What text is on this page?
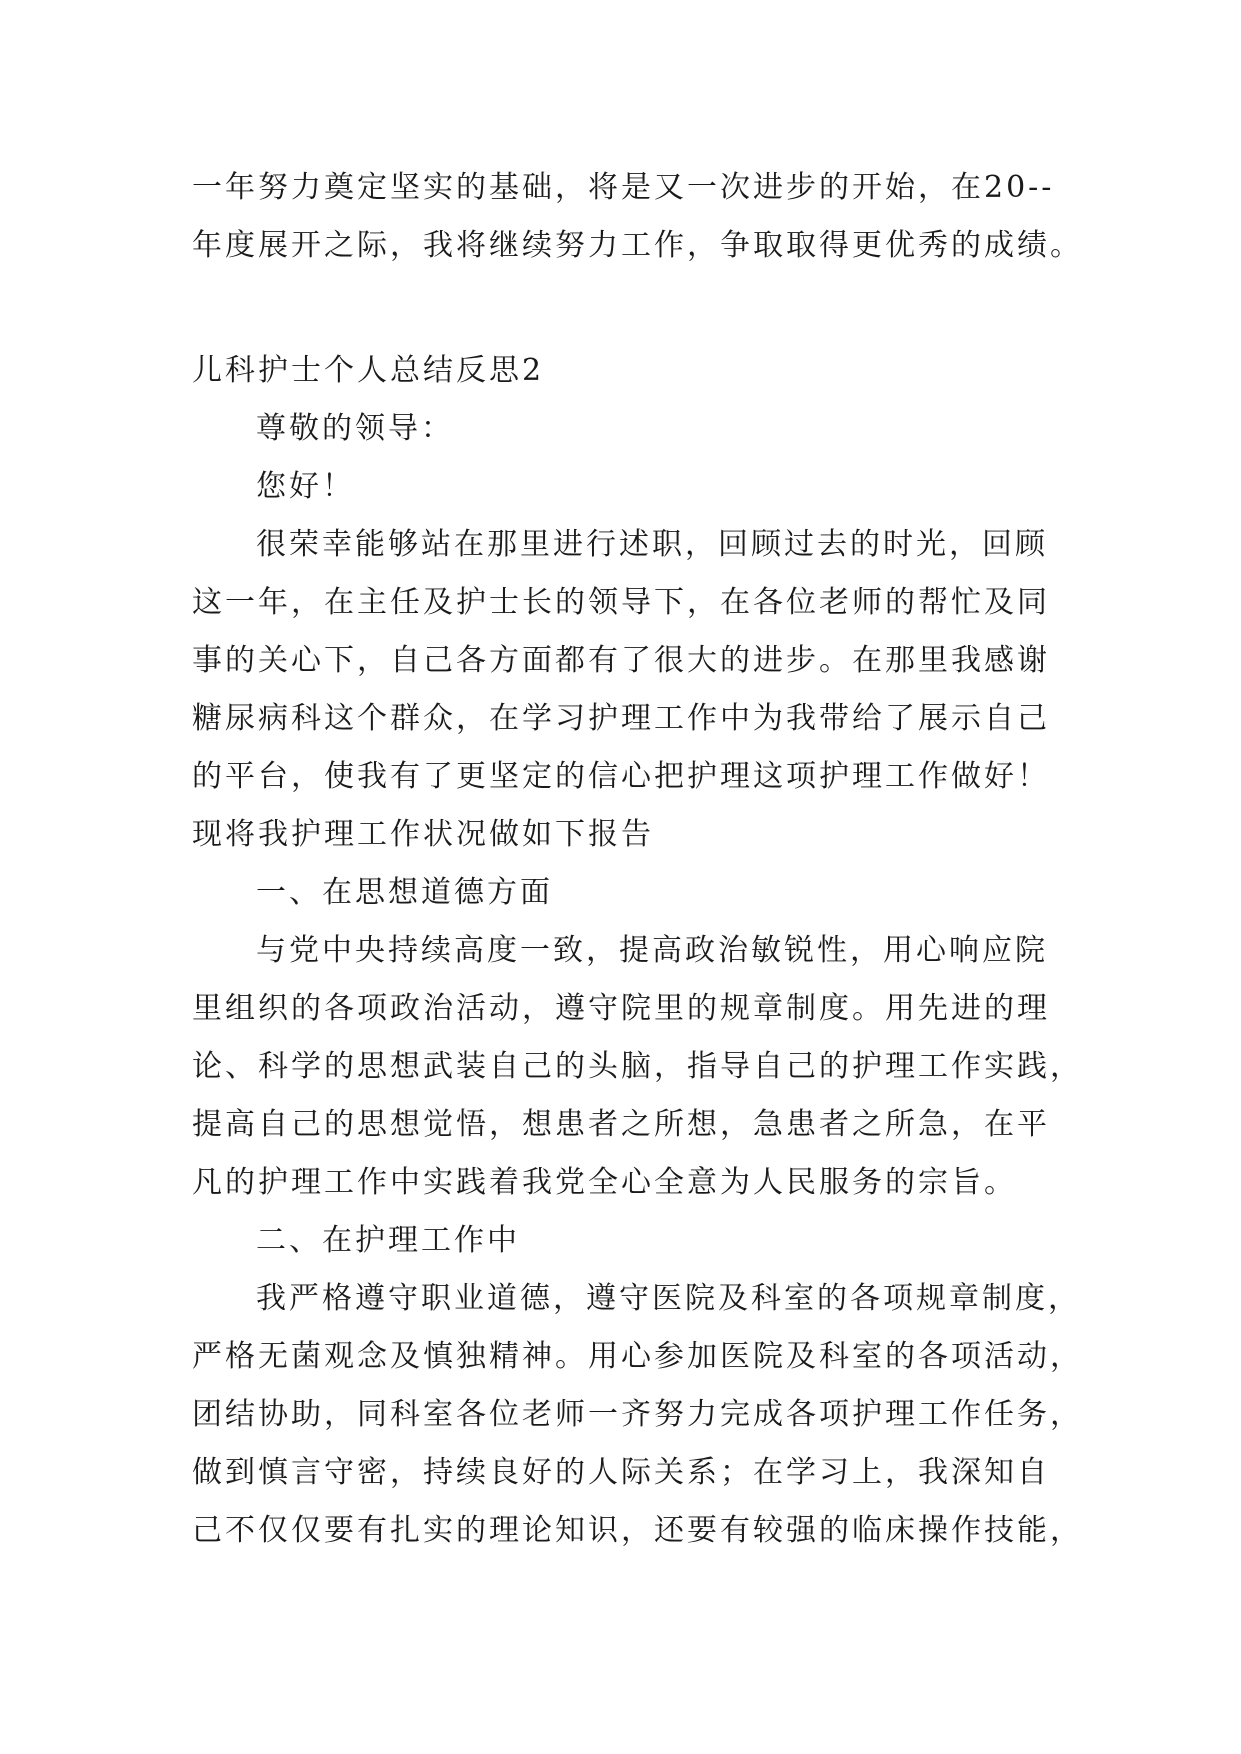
一年努力奠定坚实的基础，将是又一次进步的开始，在20--
年度展开之际，我将继续努力工作，争取取得更优秀的成绩。
儿科护士个人总结反思2
尊敬的领导：
您好！
很荣幸能够站在那里进行述职，回顾过去的时光，回顾
这一年，在主任及护士长的领导下，在各位老师的帮忙及同
事的关心下，自己各方面都有了很大的进步。在那里我感谢
糖尿病科这个群众，在学习护理工作中为我带给了展示自己
的平台，使我有了更坚定的信心把护理这项护理工作做好！
现将我护理工作状况做如下报告
一、在思想道德方面
与党中央持续高度一致，提高政治敏锐性，用心响应院
里组织的各项政治活动，遵守院里的规章制度。用先进的理
论、科学的思想武装自己的头脑，指导自己的护理工作实践，
提高自己的思想觉悟，想患者之所想，急患者之所急，在平
凡的护理工作中实践着我党全心全意为人民服务的宗旨。
二、在护理工作中
我严格遵守职业道德，遵守医院及科室的各项规章制度，
严格无菌观念及慎独精神。用心参加医院及科室的各项活动，
团结协助，同科室各位老师一齐努力完成各项护理工作任务，
做到慎言守密，持续良好的人际关系；在学习上，我深知自
己不仅仅要有扎实的理论知识，还要有较强的临床操作技能，
